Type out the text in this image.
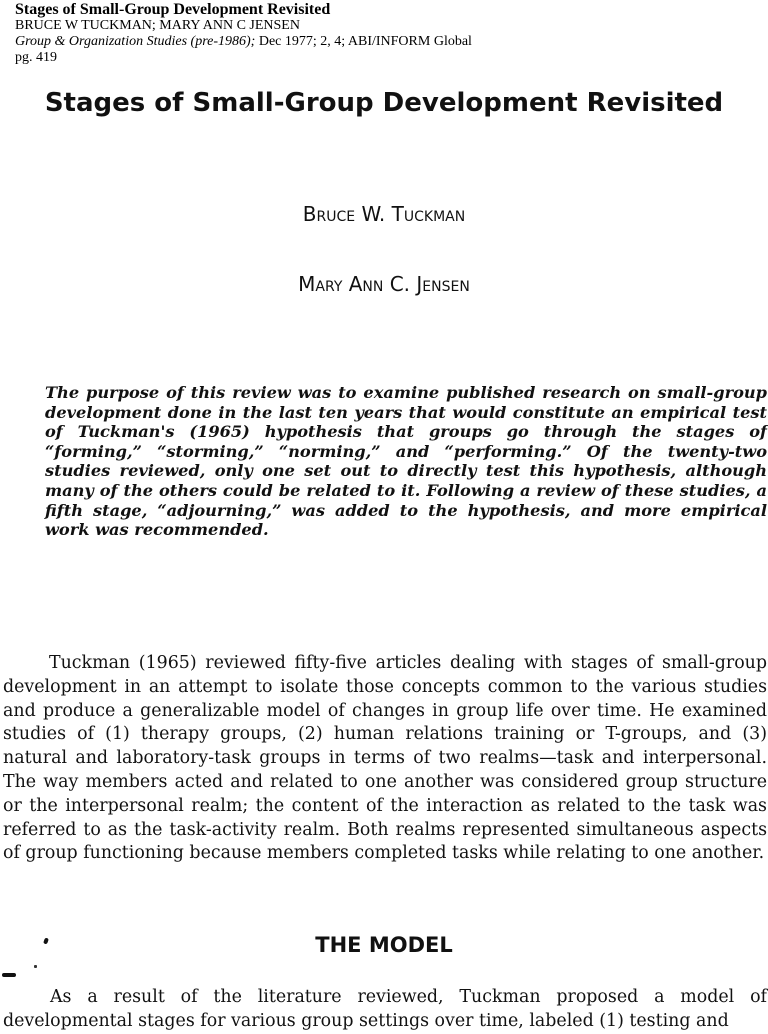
Stages of Small-Group Development Revisited
BRUCE W TUCKMAN; MARY ANN C JENSEN
Group & Organization Studies (pre-1986); Dec 1977; 2, 4; ABI/INFORM Global
pg. 419
Stages of Small-Group Development Revisited
Bruce W. Tuckman
Mary Ann C. Jensen
The purpose of this review was to examine published research on small-group development done in the last ten years that would constitute an empirical test of Tuckman's (1965) hypothesis that groups go through the stages of “forming,” “storming,” “norming,” and “performing.” Of the twenty-two studies reviewed, only one set out to directly test this hypothesis, although many of the others could be related to it. Following a review of these studies, a fifth stage, “adjourning,” was added to the hypothesis, and more empirical work was recommended.
Tuckman (1965) reviewed fifty-five articles dealing with stages of small-group development in an attempt to isolate those concepts common to the various studies and produce a generalizable model of changes in group life over time. He examined studies of (1) therapy groups, (2) human relations training or T-groups, and (3) natural and laboratory-task groups in terms of two realms—task and interpersonal. The way members acted and related to one another was considered group structure or the interpersonal realm; the content of the interaction as related to the task was referred to as the task-activity realm. Both realms represented simultaneous aspects of group functioning because members completed tasks while relating to one another.
THE MODEL
As a result of the literature reviewed, Tuckman proposed a model of developmental stages for various group settings over time, labeled (1) testing and
